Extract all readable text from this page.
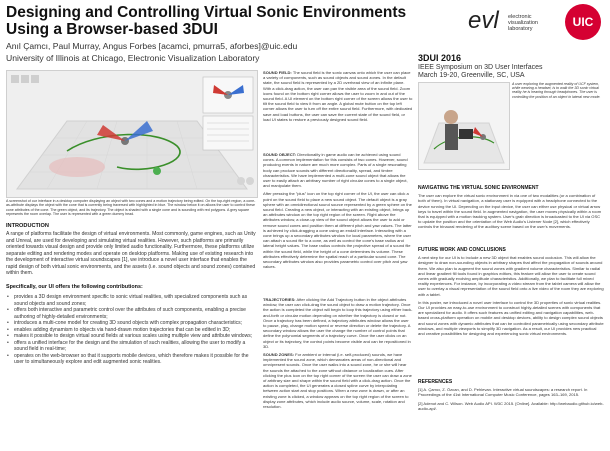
Designing and Controlling Virtual Sonic Environments Using a Browser-based 3DUI
Anıl Çamcı, Paul Murray, Angus Forbes [acamci, pmurra5, aforbes]@uic.edu
University of Illinois at Chicago, Electronic Visualization Laboratory
evl electronic
visualization
laboratory	UIC
3DUI 2016
IEEE Symposium on 3D User Interfaces
March 19-20, Greenville, SC, USA
A screenshot of our interface in a desktop computer displaying an object with two cones and a motion trajectory being edited. On the top-right region, a cone-as-attribute displays the object with the cone that is currently being traversed with highlighted in blue. The window below it on allows the user to control these cone attributes of the cone. The green object, and its trajectory. The object is shaded with a single cone and is sounding with red polygons. A grey square represents the room overlap. The user is represented with a green dummy head.
INTRODUCTION
A range of platforms facilitate the design of virtual environments. Most commonly, game engines, such as Unity and Unreal, are used for developing and simulating virtual realities. However, such platforms are primarily oriented towards visual design and provide only limited audio functionality. Furthermore, these platforms utilize separate editing and rendering modes and operate on desktop platforms. Making use of existing research into the development of interactive virtual soundscapes [1], we introduce a novel user interface that enables the rapid design of both virtual sonic environments, and the assets (i.e. sound objects and sound zones) contained within them.
Specifically, our UI offers the following contributions:
• provides a 3D design environment specific to sonic virtual realities, with specialized components such as sound objects and sound zones;
• offers both interactive and parametric control over the attributes of such components, enabling a precise authoring of highly-detailed environments;
• introduces a multi-cone model for creating 3D sound objects with complex propagation characteristics;
• enables adding dynamism to objects via hand-drawn motion trajectories that can be edited in 3D;
• makes it possible to design virtual sound fields at various scales using multiple view and attribute windows;
• offers a unified interface for the design and the simulation of such realities, allowing the user to modify a sound field in real-time;
• operates on the web-browser so that it supports mobile devices, which therefore makes it possible for the user to simultaneously explore and edit augmented sonic realities.

SOUND FIELD: The sound field is the sonic canvas onto which the user can place a variety of components, such as sound objects and sound zones. In the default state, the sound field is represented by a 2D overhead view of an infinite plane. With a click-drag action, the user can pan the visible area of the sound field. Zoom icons found on the bottom right corner allows the user to zoom in and out of the sound field. A UI element on the bottom right corner of the screen allows the user to tilt the sound field to view it from an angle. A global mute button on the top left corner allows the user to turn off the entire sound field. Furthermore, with dedicated save and load buttons, the user can save the current state of the sound field, or load UI states to restore a previously designed sound field.

SOUND OBJECT: Directionality in game audio can be achieved using sound cones. A common implementation for this consists of two cones. However, sound producing events in nature are much more complex. Parts of a single resonating body can produce sounds with different directionality, spread, and timbre characteristics. We have implemented a multi-cone sound object that allows the user to easily attach an arbitrary number of right circular cones to a single object, and manipulate them.

After pressing the "plus" icon on the top right corner of the UI, the user can click a point on the sound field to place a new sound object. The default object is a gray sphere with an omnidirectional sound source represented by a green sphere on the sound field. Creating a new object, or interacting with an existing object, brings up an attributes window on the top right region of the screen. Right above the attributes window, a close-up view of the sound object allows the user to add or remove sound cones and position them at different pitch and yaw values. The latter is achieved by click-dragging a cone using an endall interface. Interacting with a cone brings up a secondary attributes window for local parameters, where the user can attach a sound file to a cone, as well as control the cone's base radius and lateral height values. The base radius controls the projective spread of a sound file within the sound field, while the height of a cone determines its volume. These attributes effectively determine the spatial reach of a particular sound cone. The secondary attributes window also provides parametric control over pitch and yaw values.

TRAJECTORIES: After clicking the Add Trajectory button in the object attributes window, the user can click-drag the sound object to draw a motion trajectory. Once the action is completed the object will begin to loop this trajectory using either back-and-forth or circular motion depending on whether the trajectory is closed or not. Once a trajectory has been defined, a trajectory attributes window allows the user to pause, play, change motion speed or reverse direction or delete the trajectory. A secondary window allows the user the change the number of control points that define the polynomial segments of a trajectory curve. Once the user clicks on an object or its trajectory, the control points become visible and can be repositioned in 3D.

SOUND ZONES: For ambient or internal (i.e. self-produced) sounds, we have implemented the sound zone, which demarcates areas of non-directional and omnipresent sounds. Once the user walks into a sound zone, he or she will hear the sounds the attached to the zone without distance or localization cues. After clicking the plus icon on the top right corner of the screen the user can draw a zone of arbitrary size and shape within the sound field with a click-drag action. Once the action is completed, the UI generates a closed spline curve by interpolating between action start and stop positions. When a new zone is drawn, or after an existing zone is clicked, a window appears on the top right region of the screen to display zone attributes, which include audio source, volume, scale, rotation and resolution.

A user exploring the augmented reality of UCF system, while wearing a headset, is to walk the 3D sonic virtual reality he is hearing through headphones. The user is controlling the position of an object in lateral new mode.
NAVIGATING THE VIRTUAL SONIC ENVIRONMENT

The user can explore the virtual sonic environment in via one of two modalities (or a combination of both of them). In virtual navigation, a stationary user is equipped with a headphone connected to the device running the UI. Depending on the input device, the user can either use physical or virtual arrow keys to travel within the sound field. In augmented navigation, the user moves physically within a room that is equipped with a motion tracking system. User's grab direction is broadcasted to the UI via OSC to update the position and the orientation of the Web Audio's Listener Node [2], which effectively controls the binaural rendering of the auditory scene based on the user's movements.

FUTURE WORK AND CONCLUSIONS

A next step for our UI is to include a new 3D object that enables sound occlusion. This will allow the designer to draw non-sounding objects in arbitrary shapes that affect the propagation of sounds around them. We also plan to augment the sound zones with gradient volume characteristics. Similar to radial and linear gradient fill tools found in graphics editors, this feature will allow the user to create sound zones with gradually evolving amplitude characteristics. Additionally, we plan to facilitate full mixed reality experiences. For instance, by incorporating a video stream from the tablet camera will allow the user to overlay a visual representation of the sound field onto a live video of the room they are exploring with a tablet.

In this poster, we introduced a novel user interface to control the 3D properties of sonic virtual realities. Our UI provides an easy-to-use environment to construct highly-detailed scenes with components that are specialized for audio. It offers such features as unified editing and navigation capabilities, web-based cross-platform operation on mobile and desktop devices, ability to design complex sound objects and sound zones with dynamic attributes that can be controlled parametrically using secondary attribute windows, and multiple viewports to simplify 3D navigation. As a result, our UI provides new practical and creative possibilities for designing and experiencing sonic virtual environments.

REFERENCES

[1] A. Çamcı, Z. Özcan, and D. Pehlevan. Interactive virtual soundscapes: a research report. In Proceedings of the 41st International Computer Music Conference, pages 163–169, 2015.

[2] Adenot and C. Wilson. Web Audio API. W3C 2015. [Online]. Available: http://webaudio.github.io/web-audio-api/.
